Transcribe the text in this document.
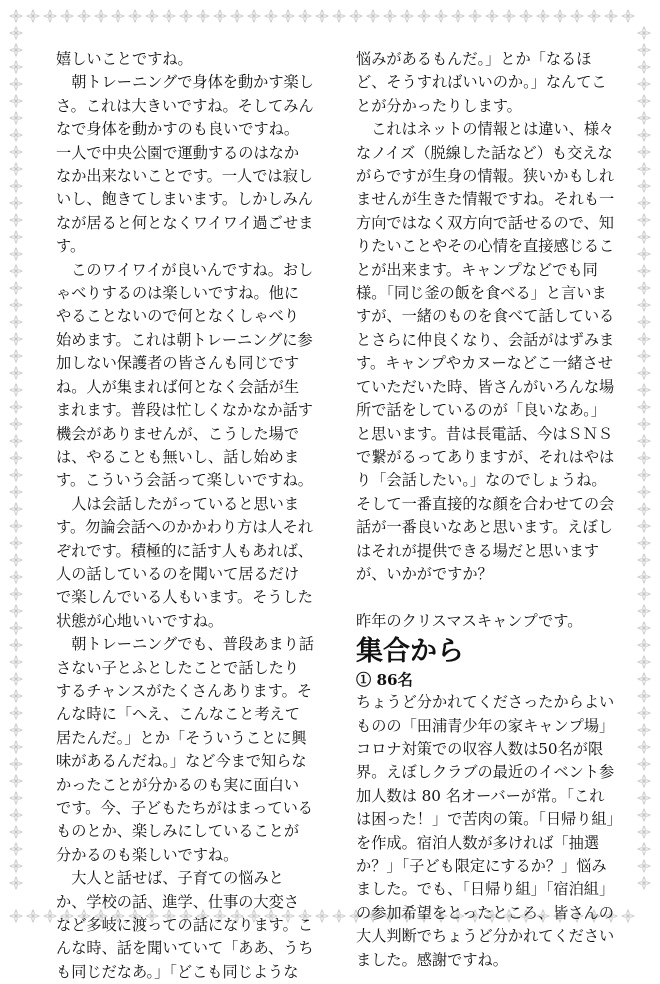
嬉しいことですね。

朝トレーニングで身体を動かす楽しさ。これは大きいですね。そしてみんなで身体を動かすのも良いですね。一人で中央公園で運動するのはなかなか出来ないことです。一人では寂しいし、飽きてしまいます。しかしみんなが居ると何となくワイワイ過ごせます。

このワイワイが良いんですね。おしゃべりするのは楽しいですね。他にやることないので何となくしゃべり始めます。これは朝トレーニングに参加しない保護者の皆さんも同じですね。人が集まれば何となく会話が生まれます。普段は忙しくなかなか話す機会がありませんが、こうした場では、やることも無いし、話し始めます。こういう会話って楽しいですね。

人は会話したがっていると思います。勿論会話へのかかわり方は人それぞれです。積極的に話す人もあれば、人の話しているのを聞いて居るだけで楽しんでいる人もいます。そうした状態が心地いいですね。

朝トレーニングでも、普段あまり話さない子とふとしたことで話したりするチャンスがたくさんあります。そんな時に「へえ、こんなこと考えて居たんだ。」とか「そういうことに興味があるんだね。」など今まで知らなかったことが分かるのも実に面白いです。今、子どもたちがはまっているものとか、楽しみにしていることが分かるのも楽しいですね。

大人と話せば、子育ての悩みとか、学校の話、進学、仕事の大変さなど多岐に渡っての話になります。こんな時、話を聞いていて「ああ、うちも同じだなあ。」「どこも同じような

悩みがあるもんだ。」とか「なるほど、そうすればいいのか。」なんてことが分かったりします。

これはネットの情報とは違い、様々なノイズ（脱線した話など）も交えながらですが生身の情報。狭いかもしれませんが生きた情報ですね。それも一方向ではなく双方向で話せるので、知りたいことやその心情を直接感じることが出来ます。キャンプなどでも同様。「同じ釜の飯を食べる」と言いますが、一緒のものを食べて話しているとさらに仲良くなり、会話がはずみます。キャンプやカヌーなどこ一緒させていただいた時、皆さんがいろんな場所で話をしているのが「良いなあ。」と思います。昔は長電話、今はＳＮＳで繋がるってありますが、それはやはり「会話したい。」なのでしょうね。そして一番直接的な顔を合わせての会話が一番良いなあと思います。えぼしはそれが提供できる場だと思いますが、いかがですか？

昨年のクリスマスキャンプです。

集合から
① 86名

ちょうど分かれてくださったからよいものの「田浦青少年の家キャンプ場」コロナ対策での収容人数は50名が限界。えぼしクラブの最近のイベント参加人数は 80 名オーバーが常。「これは困った！」で苦肉の策。「日帰り組」を作成。宿泊人数が多ければ「抽選か？」「子ども限定にするか？」悩みました。でも、「日帰り組」「宿泊組」の参加希望をとったところ、皆さんの大人判断でちょうど分かれてくださいました。感謝ですね。
